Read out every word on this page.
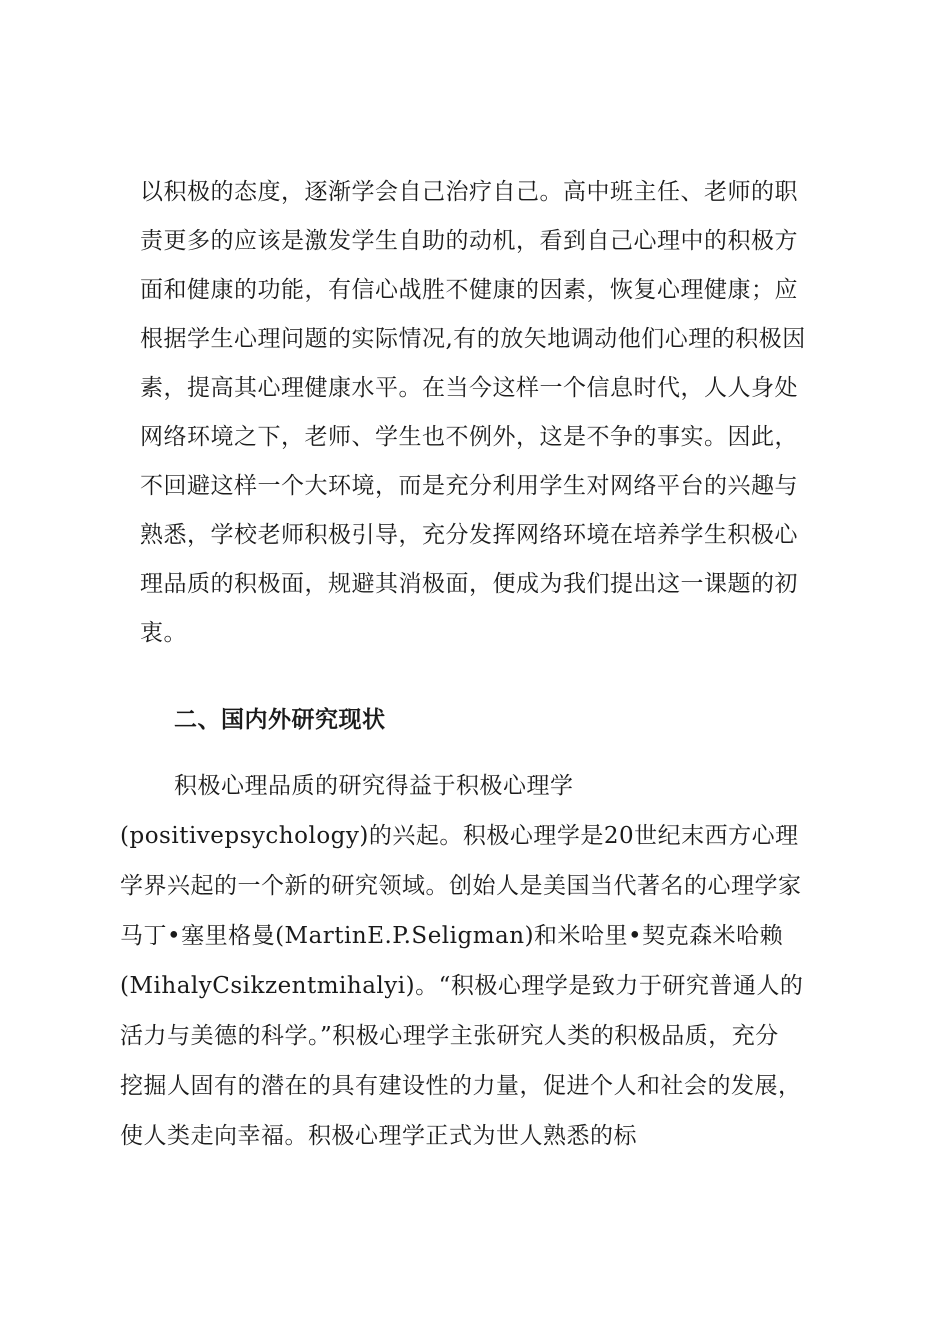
以积极的态度，逐渐学会自己治疗自己。高中班主任、老师的职
责更多的应该是激发学生自助的动机，看到自己心理中的积极方
面和健康的功能，有信心战胜不健康的因素，恢复心理健康；应
根据学生心理问题的实际情况,有的放矢地调动他们心理的积极因
素，提高其心理健康水平。在当今这样一个信息时代，人人身处
网络环境之下，老师、学生也不例外，这是不争的事实。因此，
不回避这样一个大环境，而是充分利用学生对网络平台的兴趣与
熟悉，学校老师积极引导，充分发挥网络环境在培养学生积极心
理品质的积极面，规避其消极面，便成为我们提出这一课题的初
衷。
二、国内外研究现状
积极心理品质的研究得益于积极心理学
(positivepsychology)的兴起。积极心理学是20世纪末西方心理
学界兴起的一个新的研究领域。创始人是美国当代著名的心理学家
马丁•塞里格曼(MartinE.P.Seligman)和米哈里•契克森米哈赖
(MihalyCsikzentmihalyi)。“积极心理学是致力于研究普通人的
活力与美德的科学。”积极心理学主张研究人类的积极品质，充分
挖掘人固有的潜在的具有建设性的力量，促进个人和社会的发展，
使人类走向幸福。积极心理学正式为世人熟悉的标
